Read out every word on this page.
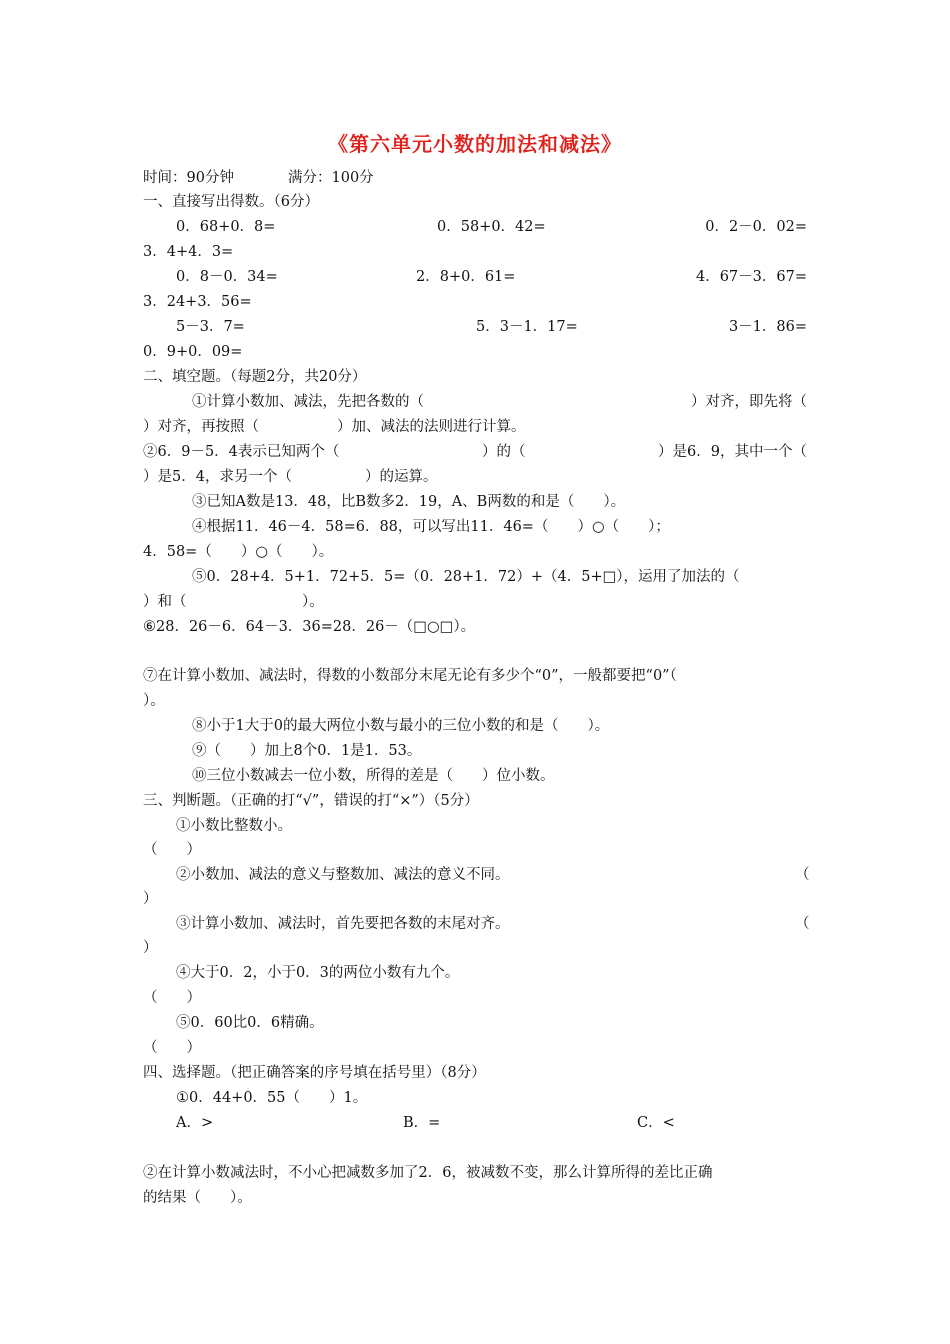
《第六单元小数的加法和减法》
时间：90分钟	满分：100分
一、直接写出得数。（6分）
0．68+0．8=	0．58+0．42=	0．2－0．02=
3．4+4．3=
0．8－0．34=	2．8+0．61=	4．67－3．67=
3．24+3．56=
5－3．7=	5．3－1．17=	3－1．86=
0．9+0．09=
二、填空题。（每题2分，共20分）
①计算小数加、减法，先把各数的（	）对齐，即先将（
）对齐，再按照（	）加、减法的法则进行计算。
②6．9－5．4表示已知两个（	）的（	）是6．9，其中一个（
）是5．4，求另一个（	）的运算。
③已知A数是13．48，比B数多2．19，A、B两数的和是（　　）。
④根据11．46－4．58=6．88，可以写出11．46=（　　）○（　　）；
4．58=（　　）○（　　）。
⑤0．28+4．5+1．72+5．5=（0．28+1．72）+（4．5+□），运用了加法的（
）和（	）。
⑥28．26－6．64－3．36=28．26－（□○□）。
⑦在计算小数加、减法时，得数的小数部分末尾无论有多少个“0”，一般都要把“0”（
）。
⑧小于1大于0的最大两位小数与最小的三位小数的和是（　　）。
⑨（　　）加上8个0．1是1．53。
⑩三位小数减去一位小数，所得的差是（　　）位小数。
三、判断题。（正确的打“√”，错误的打“×”）（5分）
①小数比整数小。
（　　）
②小数加、减法的意义与整数加、减法的意义不同。	（
）
③计算小数加、减法时，首先要把各数的末尾对齐。	（
）
④大于0．2，小于0．3的两位小数有九个。
（　　）
⑤0．60比0．6精确。
（　　）
四、选择题。（把正确答案的序号填在括号里）（8分）
①0．44+0．55（　　）1。
A．>	B．=	C．<
②在计算小数减法时，不小心把减数多加了2．6，被减数不变，那么计算所得的差比正确
的结果（　　）。
